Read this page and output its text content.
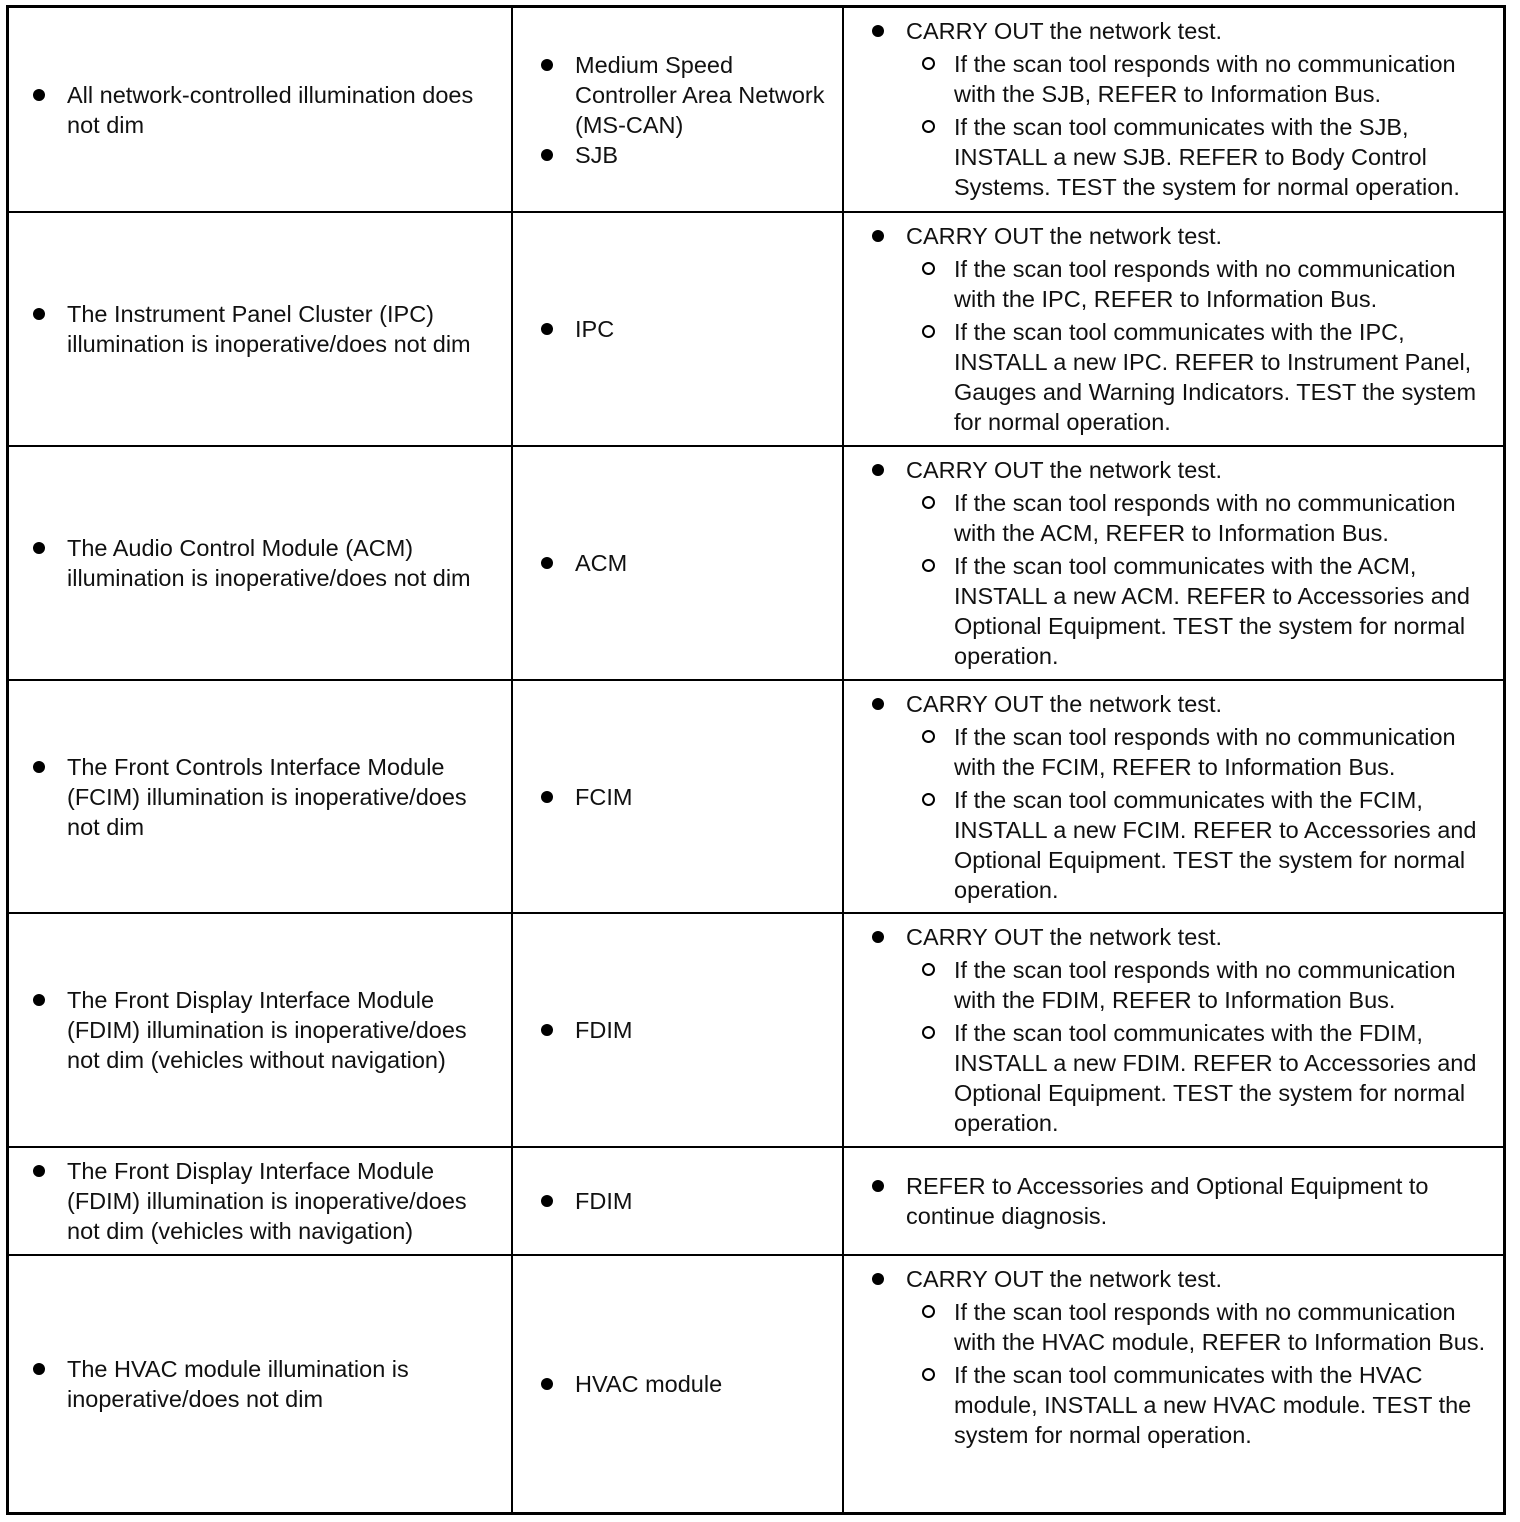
All network-controlled illumination does not dim
Medium Speed Controller Area Network (MS-CAN)
SJB
CARRY OUT the network test.
If the scan tool responds with no communication with the SJB, REFER to Information Bus.
If the scan tool communicates with the SJB, INSTALL a new SJB. REFER to Body Control Systems. TEST the system for normal operation.
The Instrument Panel Cluster (IPC) illumination is inoperative/does not dim
IPC
CARRY OUT the network test.
If the scan tool responds with no communication with the IPC, REFER to Information Bus.
If the scan tool communicates with the IPC, INSTALL a new IPC. REFER to Instrument Panel, Gauges and Warning Indicators. TEST the system for normal operation.
The Audio Control Module (ACM) illumination is inoperative/does not dim
ACM
CARRY OUT the network test.
If the scan tool responds with no communication with the ACM, REFER to Information Bus.
If the scan tool communicates with the ACM, INSTALL a new ACM. REFER to Accessories and Optional Equipment. TEST the system for normal operation.
The Front Controls Interface Module (FCIM) illumination is inoperative/does not dim
FCIM
CARRY OUT the network test.
If the scan tool responds with no communication with the FCIM, REFER to Information Bus.
If the scan tool communicates with the FCIM, INSTALL a new FCIM. REFER to Accessories and Optional Equipment. TEST the system for normal operation.
The Front Display Interface Module (FDIM) illumination is inoperative/does not dim (vehicles without navigation)
FDIM
CARRY OUT the network test.
If the scan tool responds with no communication with the FDIM, REFER to Information Bus.
If the scan tool communicates with the FDIM, INSTALL a new FDIM. REFER to Accessories and Optional Equipment. TEST the system for normal operation.
The Front Display Interface Module (FDIM) illumination is inoperative/does not dim (vehicles with navigation)
FDIM
REFER to Accessories and Optional Equipment to continue diagnosis.
The HVAC module illumination is inoperative/does not dim
HVAC module
CARRY OUT the network test.
If the scan tool responds with no communication with the HVAC module, REFER to Information Bus.
If the scan tool communicates with the HVAC module, INSTALL a new HVAC module. TEST the system for normal operation.
